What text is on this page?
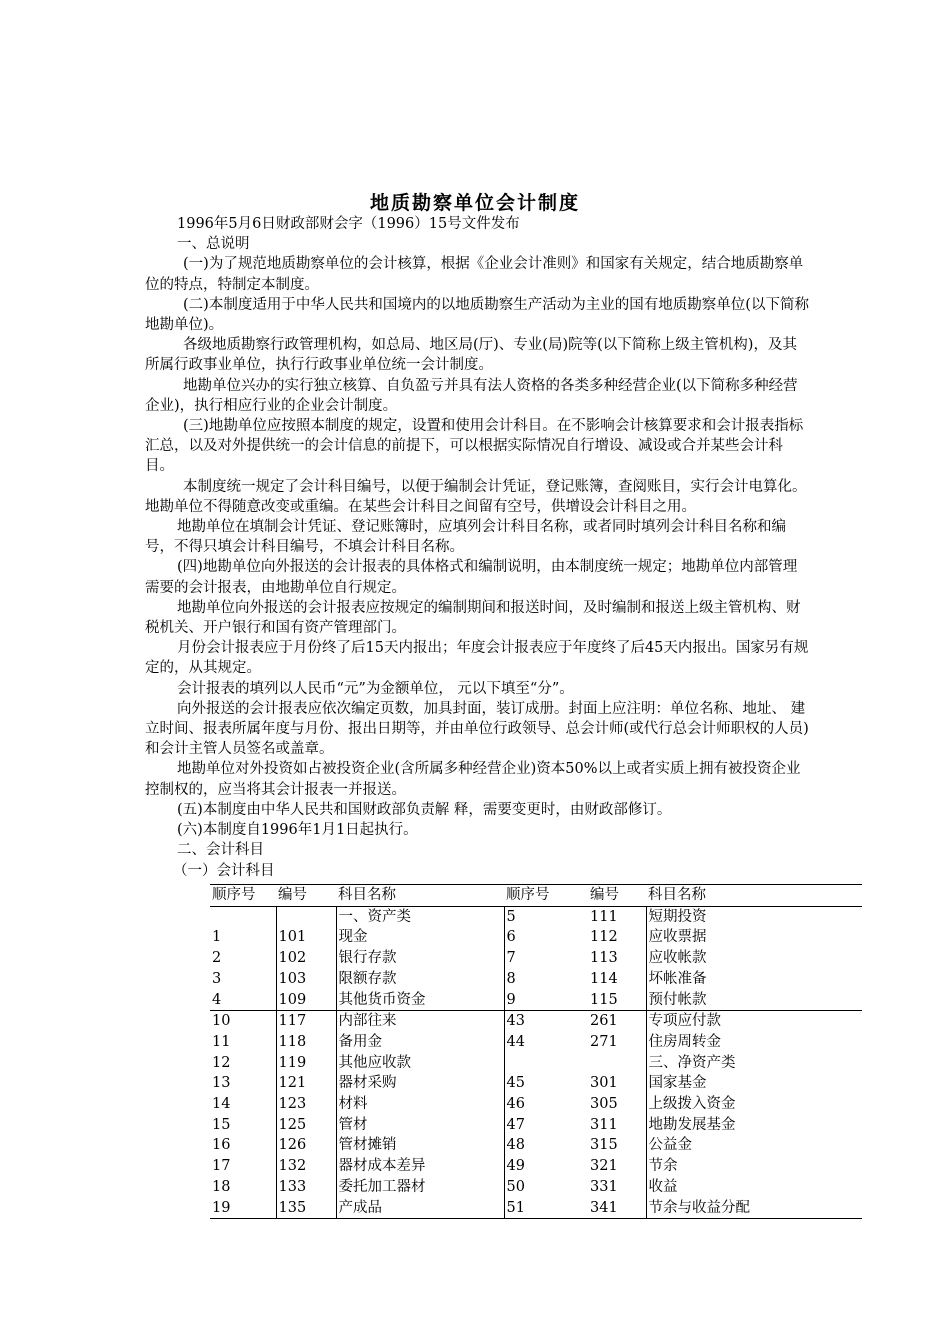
地质勘察单位会计制度

1996年5月6日财政部财会字（1996）15号文件发布

一、总说明

(一)为了规范地质勘察单位的会计核算，根据《企业会计准则》和国家有关规定，结合地质勘察单位的特点，特制定本制度。

(二)本制度适用于中华人民共和国境内的以地质勘察生产活动为主业的国有地质勘察单位(以下简称地勘单位)。

各级地质勘察行政管理机构，如总局、地区局(厅)、专业(局)院等(以下简称上级主管机构)，及其所属行政事业单位，执行行政事业单位统一会计制度。

地勘单位兴办的实行独立核算、自负盈亏并具有法人资格的各类多种经营企业(以下简称多种经营企业)，执行相应行业的企业会计制度。

(三)地勘单位应按照本制度的规定，设置和使用会计科目。在不影响会计核算要求和会计报表指标汇总，以及对外提供统一的会计信息的前提下，可以根据实际情况自行增设、减设或合并某些会计科目。

本制度统一规定了会计科目编号，以便于编制会计凭证，登记账簿，查阅账目，实行会计电算化。地勘单位不得随意改变或重编。在某些会计科目之间留有空号，供增设会计科目之用。

地勘单位在填制会计凭证、登记账簿时，应填列会计科目名称，或者同时填列会计科目名称和编号，不得只填会计科目编号，不填会计科目名称。

(四)地勘单位向外报送的会计报表的具体格式和编制说明，由本制度统一规定；地勘单位内部管理需要的会计报表，由地勘单位自行规定。

地勘单位向外报送的会计报表应按规定的编制期间和报送时间，及时编制和报送上级主管机构、财税机关、开户银行和国有资产管理部门。

月份会计报表应于月份终了后15天内报出；年度会计报表应于年度终了后45天内报出。国家另有规定的，从其规定。

会计报表的填列以人民币“元”为金额单位， 元以下填至“分”。

向外报送的会计报表应依次编定页数，加具封面，装订成册。封面上应注明：单位名称、地址、 建立时间、报表所属年度与月份、报出日期等，并由单位行政领导、总会计师(或代行总会计师职权的人员)和会计主管人员签名或盖章。

地勘单位对外投资如占被投资企业(含所属多种经营企业)资本50%以上或者实质上拥有被投资企业控制权的，应当将其会计报表一并报送。

(五)本制度由中华人民共和国财政部负责解 释，需要变更时，由财政部修订。

(六)本制度自1996年1月1日起执行。

二、会计科目

（一）会计科目

顺序号	编号	科目名称	顺序号	编号	科目名称
		一、资产类	5	111	短期投资
1	101	现金	6	112	应收票据
2	102	银行存款	7	113	应收帐款
3	103	限额存款	8	114	坏帐准备
4	109	其他货币资金	9	115	预付帐款
10	117	内部往来	43	261	专项应付款
11	118	备用金	44	271	住房周转金
12	119	其他应收款			三、净资产类
13	121	器材采购	45	301	国家基金
14	123	材料	46	305	上级拨入资金
15	125	管材	47	311	地勘发展基金
16	126	管材摊销	48	315	公益金
17	132	器材成本差异	49	321	节余
18	133	委托加工器材	50	331	收益
19	135	产成品	51	341	节余与收益分配
